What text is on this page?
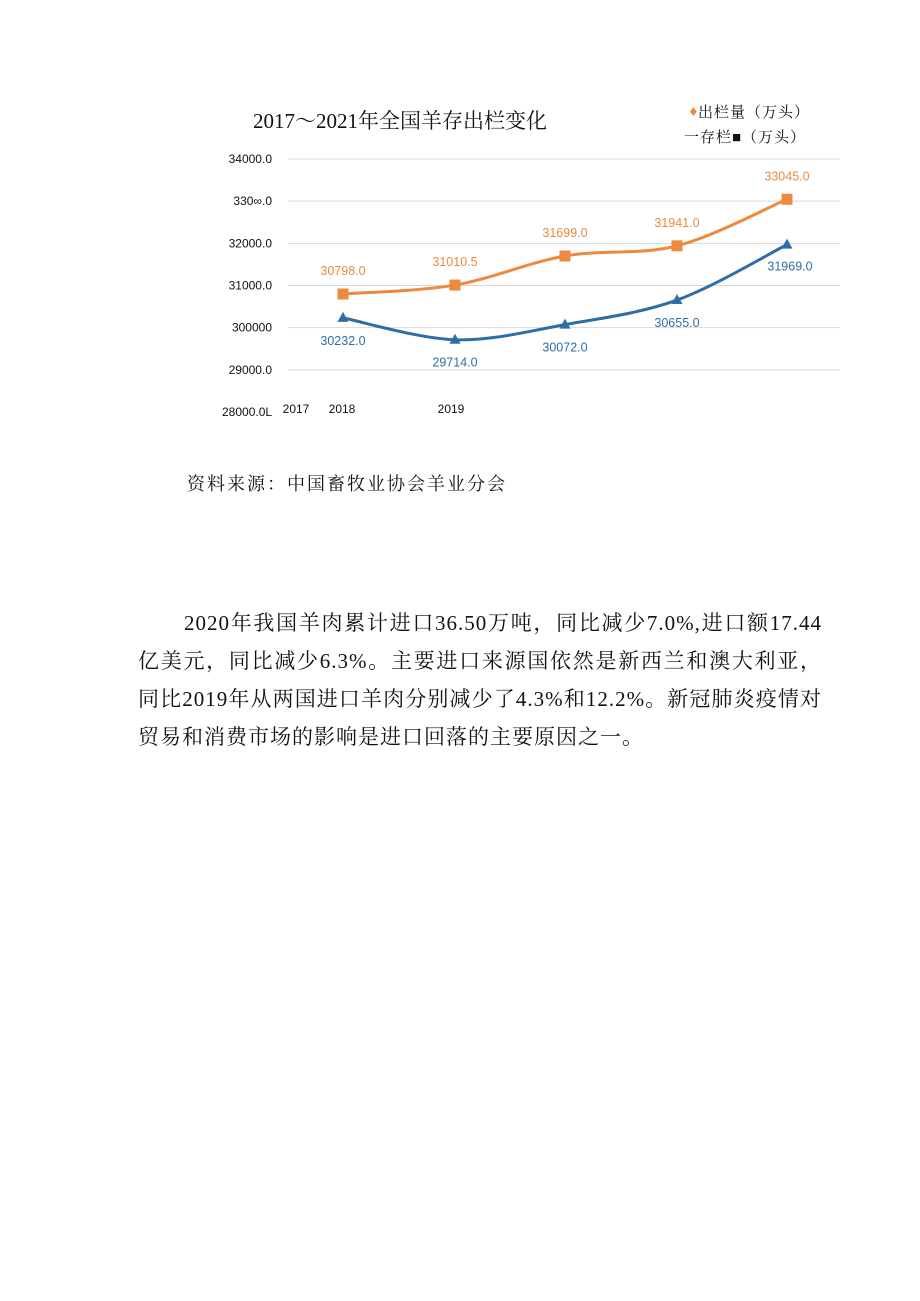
2017～2021年全国羊存出栏变化	♦ 出栏量（万头）
一存栏■（万头）
34000.0
330∞.0
32000.0
31000.0
300000
29000.0
28000.0L 2017 2018	2019
30798.0
31010.5
31699.0
31941.0
33045.0
30232.0
29714.0
30072.0
30655.0
31969.0
资料来源：中国畜牧业协会羊业分会

2020年我国羊肉累计进口36.50万吨，同比减少7.0%,进口额17.44亿美元，同比减少6.3%。主要进口来源国依然是新西兰和澳大利亚，同比2019年从两国进口羊肉分别减少了4.3%和12.2%。新冠肺炎疫情对贸易和消费市场的影响是进口回落的主要原因之一。
